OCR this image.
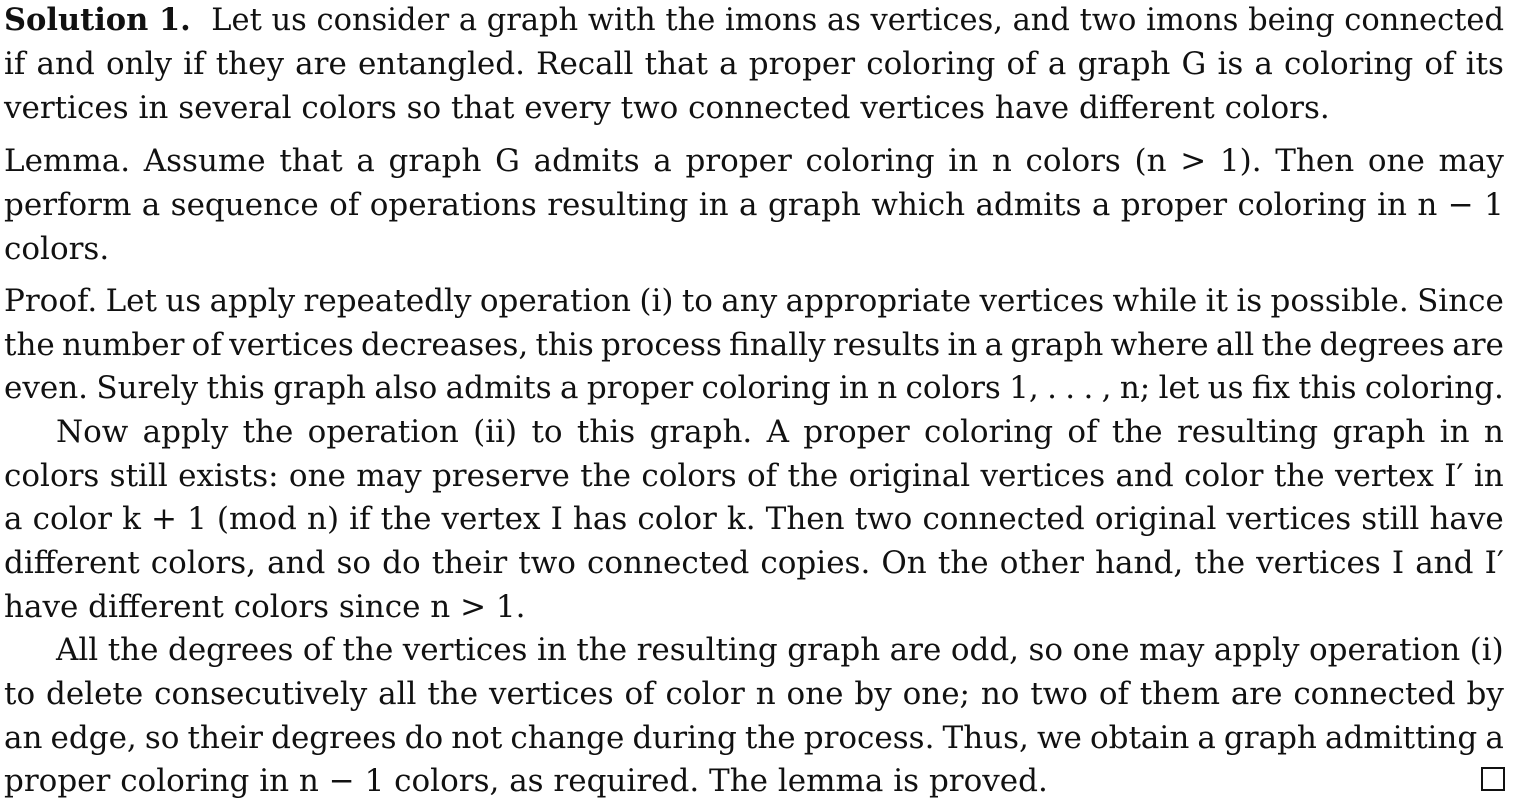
Solution 1. Let us consider a graph with the imons as vertices, and two imons being connected
if and only if they are entangled. Recall that a proper coloring of a graph G is a coloring of its
vertices in several colors so that every two connected vertices have different colors.
Lemma. Assume that a graph G admits a proper coloring in n colors (n > 1). Then one may
perform a sequence of operations resulting in a graph which admits a proper coloring in n − 1
colors.
Proof. Let us apply repeatedly operation (i) to any appropriate vertices while it is possible. Since
the number of vertices decreases, this process finally results in a graph where all the degrees are
even. Surely this graph also admits a proper coloring in n colors 1, . . . , n; let us fix this coloring.
Now apply the operation (ii) to this graph. A proper coloring of the resulting graph in n
colors still exists: one may preserve the colors of the original vertices and color the vertex I′ in
a color k + 1 (mod n) if the vertex I has color k. Then two connected original vertices still have
different colors, and so do their two connected copies. On the other hand, the vertices I and I′
have different colors since n > 1.
All the degrees of the vertices in the resulting graph are odd, so one may apply operation (i)
to delete consecutively all the vertices of color n one by one; no two of them are connected by
an edge, so their degrees do not change during the process. Thus, we obtain a graph admitting a
proper coloring in n − 1 colors, as required. The lemma is proved.
